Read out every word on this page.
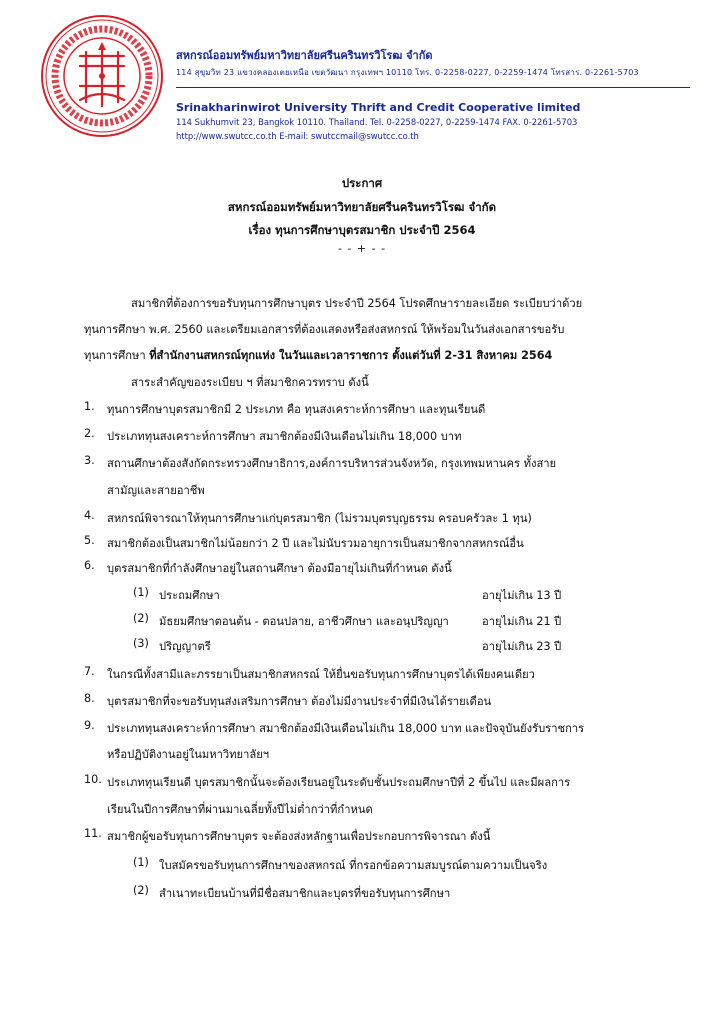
สหกรณ์ออมทรัพย์มหาวิทยาลัยศรีนครินทรวิโรฒ จำกัด
114 สุขุมวิท 23 แขวงคลองเตยเหนือ เขตวัฒนา กรุงเทพฯ 10110 โทร. 0-2258-0227, 0-2259-1474 โทรสาร. 0-2261-5703
Srinakharinwirot University Thrift and Credit Cooperative limited
114 Sukhumvit 23, Bangkok 10110. Thailand. Tel. 0-2258-0227, 0-2259-1474 FAX. 0-2261-5703
http://www.swutcc.co.th E-mail: swutccmail@swutcc.co.th
ประกาศ
สหกรณ์ออมทรัพย์มหาวิทยาลัยศรีนครินทรวิโรฒ จำกัด
เรื่อง ทุนการศึกษาบุตรสมาชิก ประจำปี 2564
- - + - -
สมาชิกที่ต้องการขอรับทุนการศึกษาบุตร ประจำปี 2564 โปรดศึกษารายละเอียด ระเบียบว่าด้วย
ทุนการศึกษา พ.ศ. 2560 และเตรียมเอกสารที่ต้องแสดงหรือส่งสหกรณ์ ให้พร้อมในวันส่งเอกสารขอรับ
ทุนการศึกษา ที่สำนักงานสหกรณ์ทุกแห่ง ในวันและเวลาราชการ ตั้งแต่วันที่ 2-31 สิงหาคม 2564
สาระสำคัญของระเบียบ ฯ ที่สมาชิกควรทราบ ดังนี้
1. ทุนการศึกษาบุตรสมาชิกมี 2 ประเภท คือ ทุนสงเคราะห์การศึกษา และทุนเรียนดี
2. ประเภททุนสงเคราะห์การศึกษา สมาชิกต้องมีเงินเดือนไม่เกิน 18,000 บาท
3. สถานศึกษาต้องสังกัดกระทรวงศึกษาธิการ,องค์การบริหารส่วนจังหวัด, กรุงเทพมหานคร ทั้งสาย
สามัญและสายอาชีพ
4. สหกรณ์พิจารณาให้ทุนการศึกษาแก่บุตรสมาชิก (ไม่รวมบุตรบุญธรรม ครอบครัวละ 1 ทุน)
5. สมาชิกต้องเป็นสมาชิกไม่น้อยกว่า 2 ปี และไม่นับรวมอายุการเป็นสมาชิกจากสหกรณ์อื่น
6. บุตรสมาชิกที่กำลังศึกษาอยู่ในสถานศึกษา ต้องมีอายุไม่เกินที่กำหนด ดังนี้
(1) ประถมศึกษา	อายุไม่เกิน 13 ปี
(2) มัธยมศึกษาตอนต้น - ตอนปลาย, อาชีวศึกษา และอนุปริญญา	อายุไม่เกิน 21 ปี
(3) ปริญญาตรี	อายุไม่เกิน 23 ปี
7. ในกรณีทั้งสามีและภรรยาเป็นสมาชิกสหกรณ์ ให้ยื่นขอรับทุนการศึกษาบุตรได้เพียงคนเดียว
8. บุตรสมาชิกที่จะขอรับทุนส่งเสริมการศึกษา ต้องไม่มีงานประจำที่มีเงินได้รายเดือน
9. ประเภททุนสงเคราะห์การศึกษา สมาชิกต้องมีเงินเดือนไม่เกิน 18,000 บาท และปัจจุบันยังรับราชการ
หรือปฏิบัติงานอยู่ในมหาวิทยาลัยฯ
10. ประเภททุนเรียนดี บุตรสมาชิกนั้นจะต้องเรียนอยู่ในระดับชั้นประถมศึกษาปีที่ 2 ขึ้นไป และมีผลการ
เรียนในปีการศึกษาที่ผ่านมาเฉลี่ยทั้งปีไม่ต่ำกว่าที่กำหนด
11. สมาชิกผู้ขอรับทุนการศึกษาบุตร จะต้องส่งหลักฐานเพื่อประกอบการพิจารณา ดังนี้
(1) ใบสมัครขอรับทุนการศึกษาของสหกรณ์ ที่กรอกข้อความสมบูรณ์ตามความเป็นจริง
(2) สำเนาทะเบียนบ้านที่มีชื่อสมาชิกและบุตรที่ขอรับทุนการศึกษา
